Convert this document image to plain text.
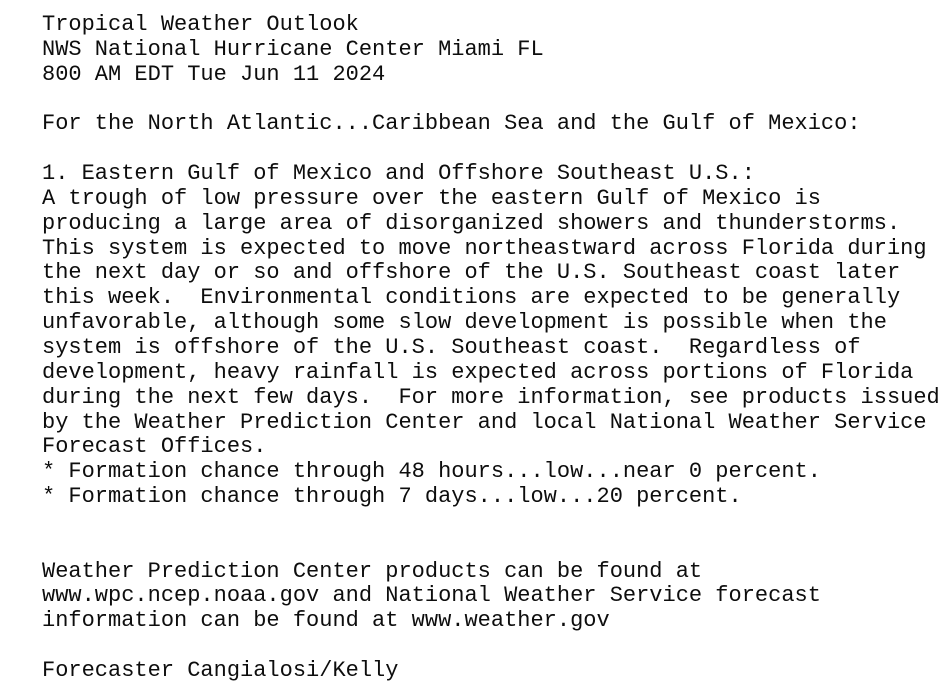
Tropical Weather Outlook
NWS National Hurricane Center Miami FL
800 AM EDT Tue Jun 11 2024
For the North Atlantic...Caribbean Sea and the Gulf of Mexico:
1. Eastern Gulf of Mexico and Offshore Southeast U.S.:
A trough of low pressure over the eastern Gulf of Mexico is
producing a large area of disorganized showers and thunderstorms.
This system is expected to move northeastward across Florida during
the next day or so and offshore of the U.S. Southeast coast later
this week.  Environmental conditions are expected to be generally
unfavorable, although some slow development is possible when the
system is offshore of the U.S. Southeast coast.  Regardless of
development, heavy rainfall is expected across portions of Florida
during the next few days.  For more information, see products issued
by the Weather Prediction Center and local National Weather Service
Forecast Offices.
* Formation chance through 48 hours...low...near 0 percent.
* Formation chance through 7 days...low...20 percent.
Weather Prediction Center products can be found at
www.wpc.ncep.noaa.gov and National Weather Service forecast
information can be found at www.weather.gov
Forecaster Cangialosi/Kelly
